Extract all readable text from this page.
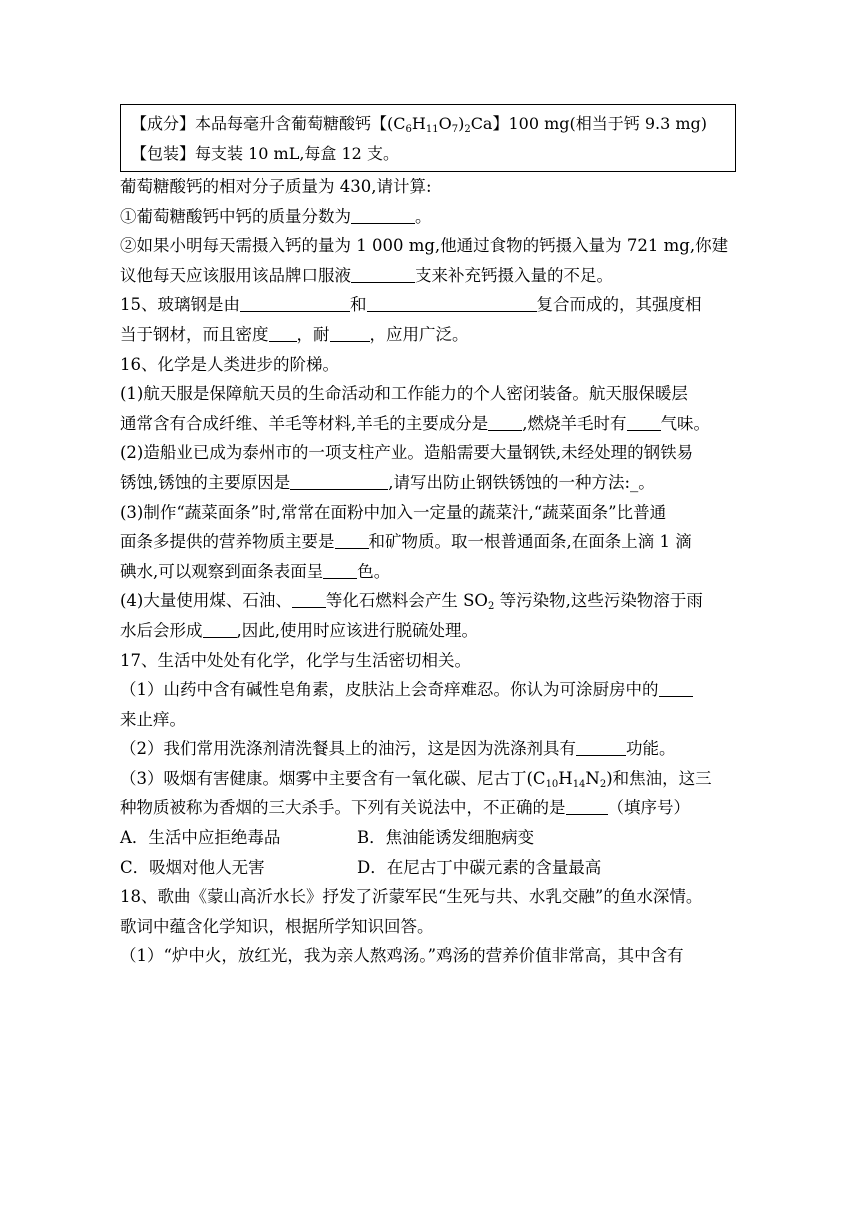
【成分】本品每毫升含葡萄糖酸钙【$(C_6H_{11}O_7)_2Ca$】100 mg(相当于钙 9.3 mg)
【包装】每支装 10 mL,每盒 12 支。
葡萄糖酸钙的相对分子质量为 430,请计算:
①葡萄糖酸钙中钙的质量分数为	。
②如果小明每天需摄入钙的量为 1 000 mg,他通过食物的钙摄入量为 721 mg,你建
议他每天应该服用该品牌口服液	支来补充钙摄入量的不足。
15、玻璃钢是由	和	复合而成的，其强度相
当于钢材，而且密度 ，耐 ，应用广泛。
16、化学是人类进步的阶梯。
(1)航天服是保障航天员的生命活动和工作能力的个人密闭装备。航天服保暖层
通常含有合成纤维、羊毛等材料,羊毛的主要成分是 ,燃烧羊毛时有 气味。
(2)造船业已成为泰州市的一项支柱产业。造船需要大量钢铁,未经处理的钢铁易
锈蚀,锈蚀的主要原因是	,请写出防止钢铁锈蚀的一种方法:_。
(3)制作“蔬菜面条”时,常常在面粉中加入一定量的蔬菜汁,“蔬菜面条”比普通
面条多提供的营养物质主要是 和矿物质。取一根普通面条,在面条上滴 1 滴
碘水,可以观察到面条表面呈 色。
(4)大量使用煤、石油、 等化石燃料会产生 $SO_2$ 等污染物,这些污染物溶于雨
水后会形成 ,因此,使用时应该进行脱硫处理。
17、生活中处处有化学，化学与生活密切相关。
（1）山药中含有碱性皂角素，皮肤沾上会奇痒难忍。你认为可涂厨房中的
来止痒。
（2）我们常用洗涤剂清洗餐具上的油污，这是因为洗涤剂具有	功能。
（3）吸烟有害健康。烟雾中主要含有一氧化碳、尼古丁$(C_{10}H_{14}N_2)$和焦油，这三
种物质被称为香烟的三大杀手。下列有关说法中，不正确的是	（填序号）
A．生活中应拒绝毒品	B．焦油能诱发细胞病变
C．吸烟对他人无害	D．在尼古丁中碳元素的含量最高
18、歌曲《蒙山高沂水长》抒发了沂蒙军民“生死与共、水乳交融”的鱼水深情。
歌词中蕴含化学知识，根据所学知识回答。
（1）“炉中火，放红光，我为亲人熬鸡汤。”鸡汤的营养价值非常高，其中含有
